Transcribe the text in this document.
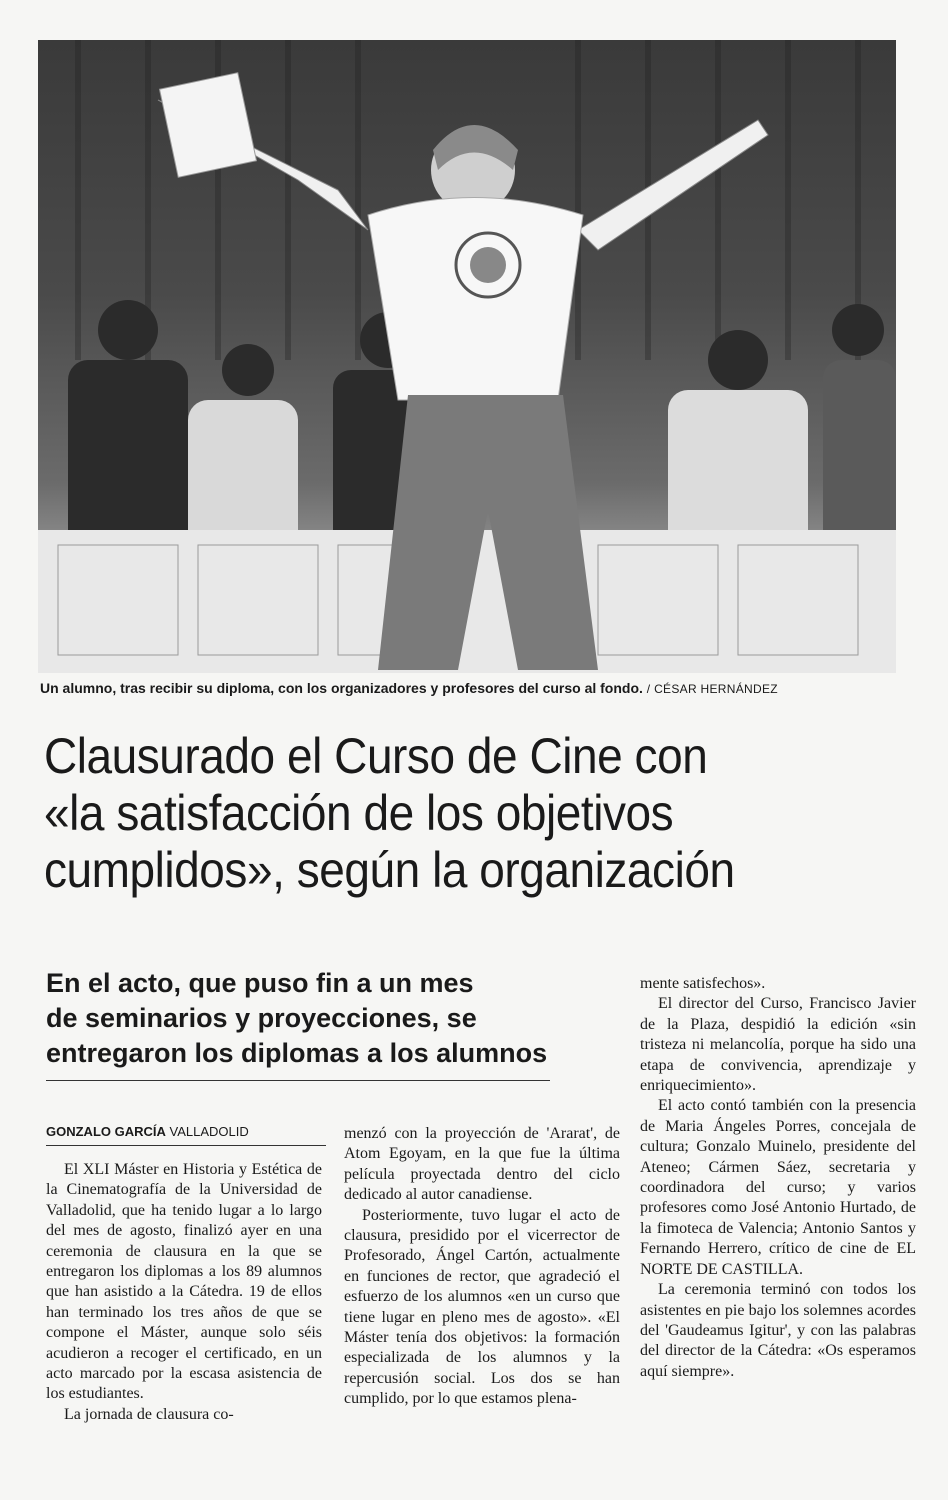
Un alumno, tras recibir su diploma, con los organizadores y profesores del curso al fondo. / CÉSAR HERNÁNDEZ
Clausurado el Curso de Cine con
«la satisfacción de los objetivos
cumplidos», según la organización
En el acto, que puso fin a un mes
de seminarios y proyecciones, se
entregaron los diplomas a los alumnos
GONZALO GARCÍA VALLADOLID

El XLI Máster en Historia y Estética de la Cinematografía de la Universidad de Valladolid, que ha tenido lugar a lo largo del mes de agosto, finalizó ayer en una ceremonia de clausura en la que se entregaron los diplomas a los 89 alumnos que han asistido a la Cátedra. 19 de ellos han terminado los tres años de que se compone el Máster, aunque solo séis acudieron a recoger el certificado, en un acto marcado por la escasa asistencia de los estudiantes.

La jornada de clausura co-

menzó con la proyección de 'Ararat', de Atom Egoyam, en la que fue la última película proyectada dentro del ciclo dedicado al autor canadiense.

Posteriormente, tuvo lugar el acto de clausura, presidido por el vicerrector de Profesorado, Ángel Cartón, actualmente en funciones de rector, que agradeció el esfuerzo de los alumnos «en un curso que tiene lugar en pleno mes de agosto». «El Máster tenía dos objetivos: la formación especializada de los alumnos y la repercusión social. Los dos se han cumplido, por lo que estamos plena-

mente satisfechos».

El director del Curso, Francisco Javier de la Plaza, despidió la edición «sin tristeza ni melancolía, porque ha sido una etapa de convivencia, aprendizaje y enriquecimiento».

El acto contó también con la presencia de Maria Ángeles Porres, concejala de cultura; Gonzalo Muinelo, presidente del Ateneo; Cármen Sáez, secretaria y coordinadora del curso; y varios profesores como José Antonio Hurtado, de la fimoteca de Valencia; Antonio Santos y Fernando Herrero, crítico de cine de EL NORTE DE CASTILLA.

La ceremonia terminó con todos los asistentes en pie bajo los solemnes acordes del 'Gaudeamus Igitur', y con las palabras del director de la Cátedra: «Os esperamos aquí siempre».
